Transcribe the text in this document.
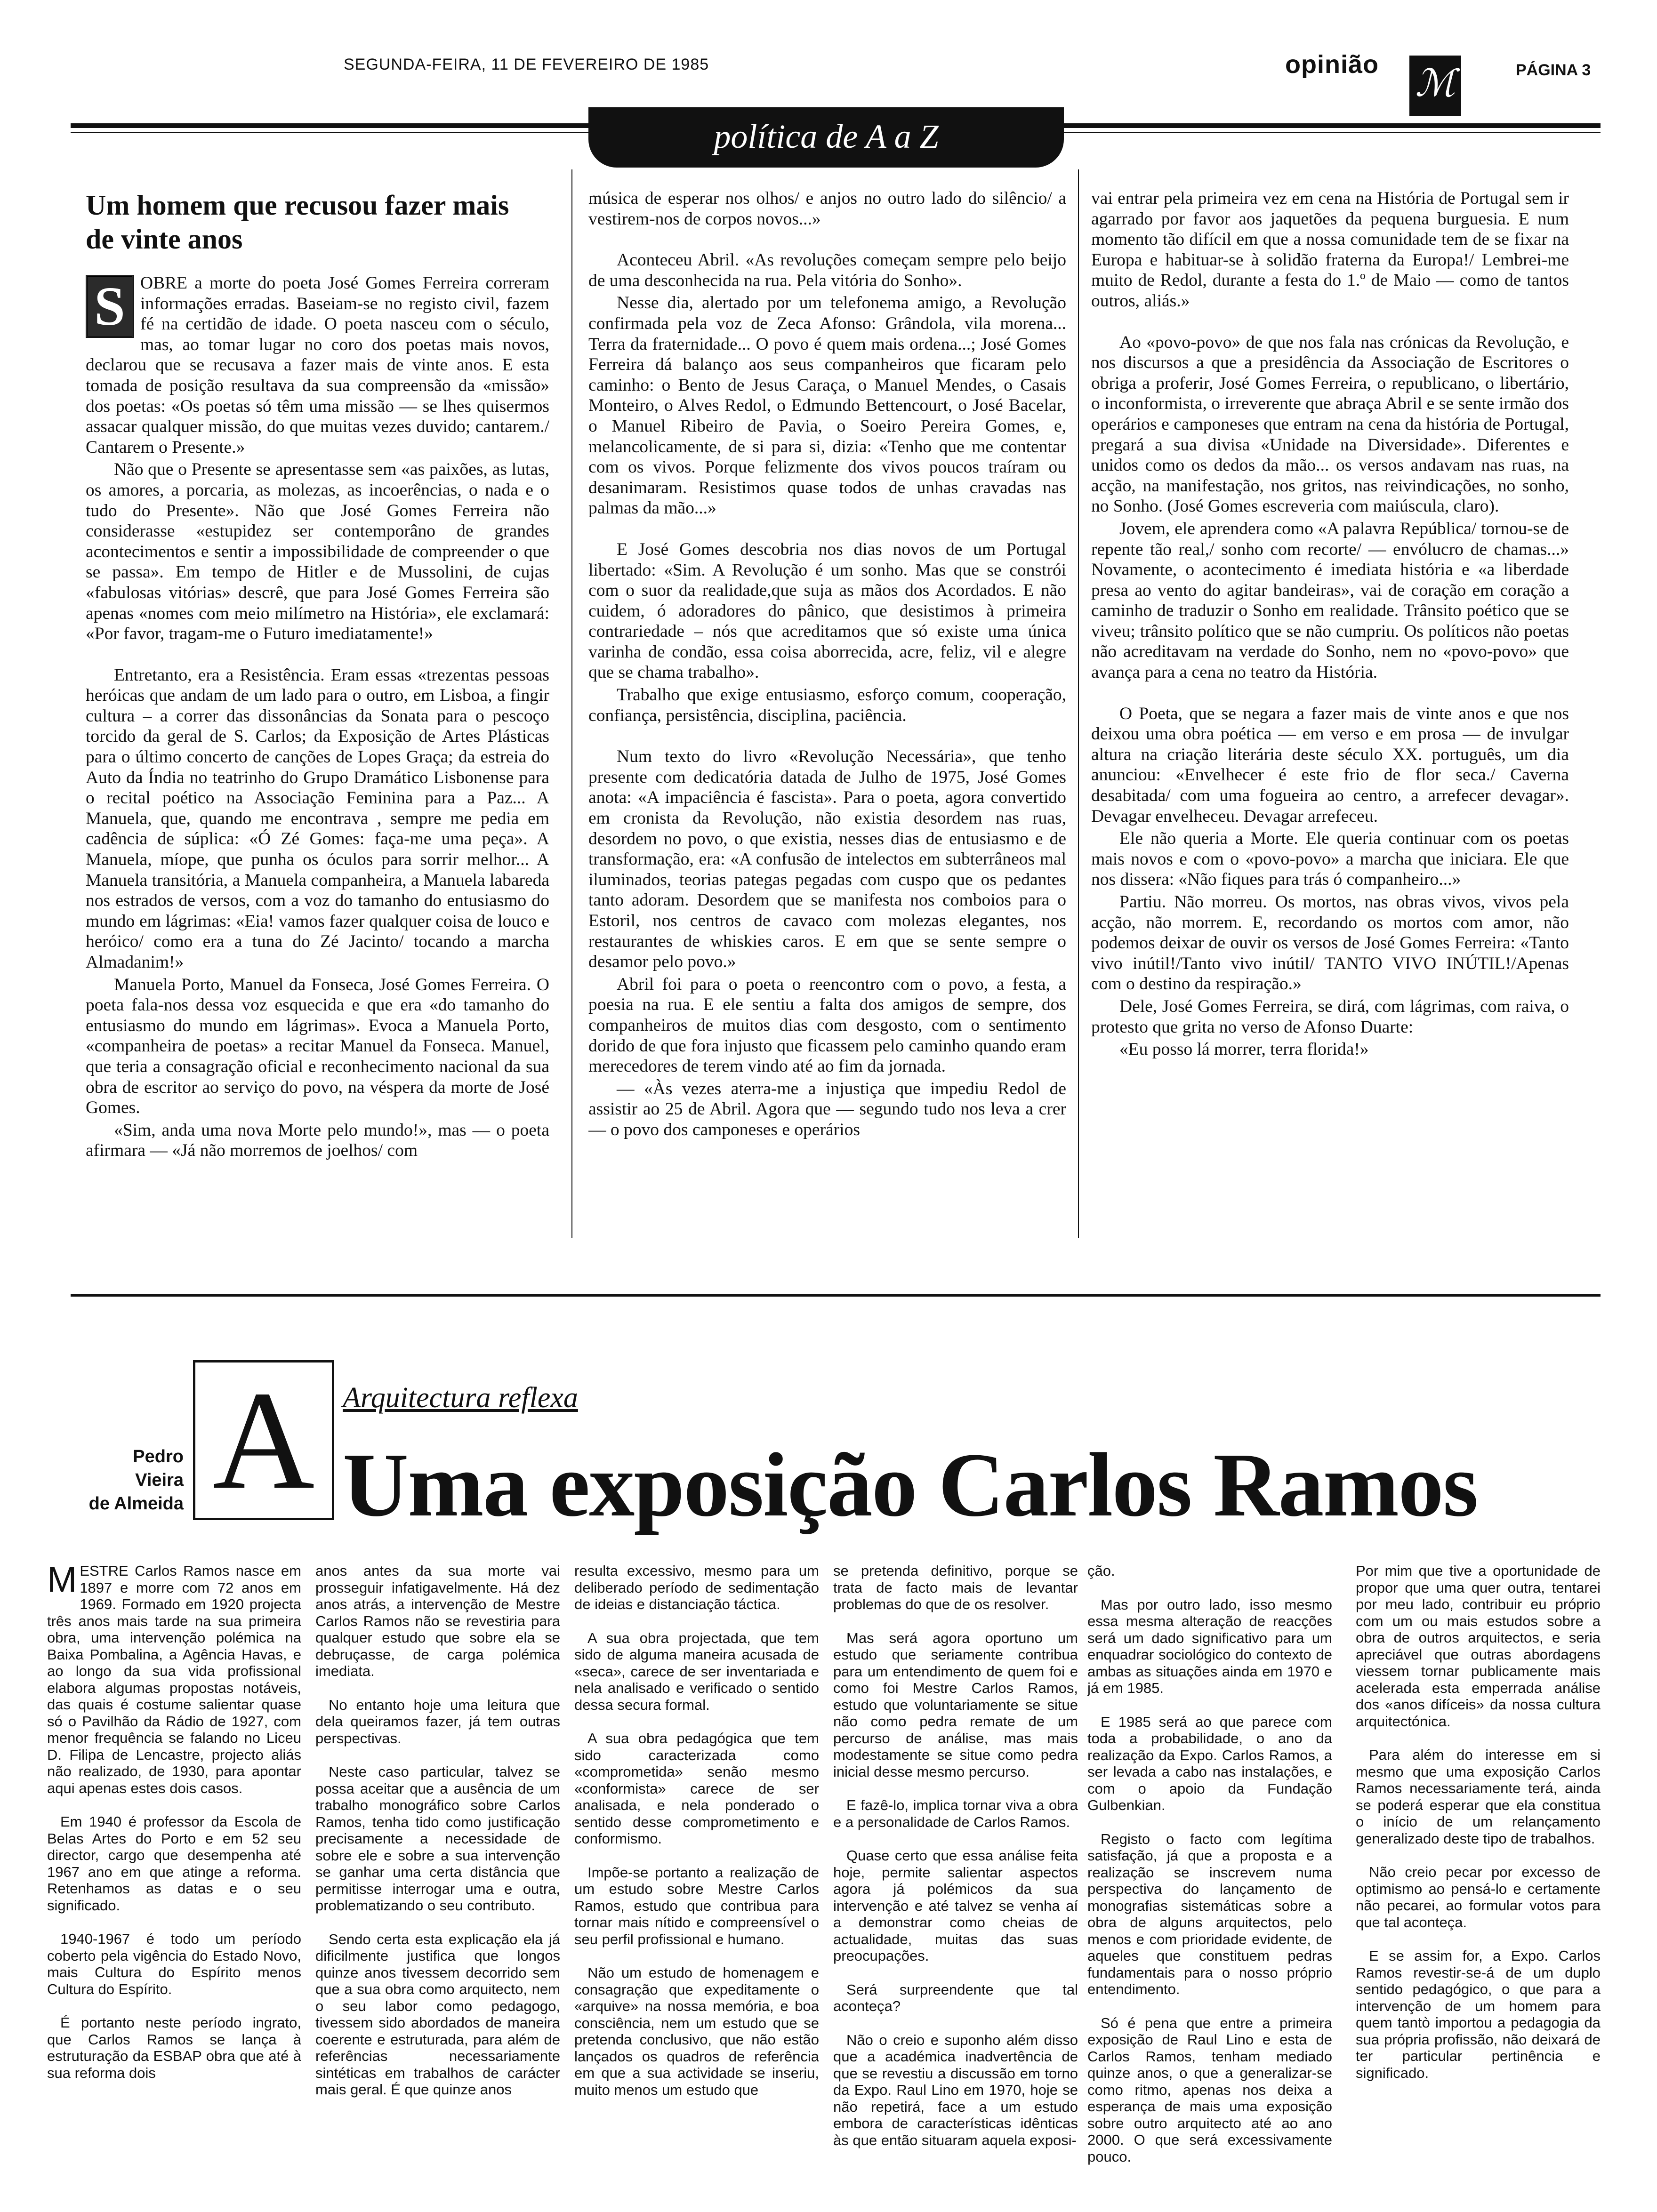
SEGUNDA-FEIRA, 11 DE FEVEREIRO DE 1985	opinião ℳ	PÁGINA 3
política de A a Z
Um homem que recusou fazer mais de vinte anos

S OBRE a morte do poeta José Gomes Ferreira correram informações erradas. Baseiam-se no registo civil, fazem fé na certidão de idade. O poeta nasceu com o século, mas, ao tomar lugar no coro dos poetas mais novos, declarou que se recusava a fazer mais de vinte anos. E esta tomada de posição resultava da sua compreensão da «missão» dos poetas: «Os poetas só têm uma missão — se lhes quisermos assacar qualquer missão, do que muitas vezes duvido; cantarem./ Cantarem o Presente.»

Não que o Presente se apresentasse sem «as paixões, as lutas, os amores, a porcaria, as molezas, as incoerências, o nada e o tudo do Presente». Não que José Gomes Ferreira não considerasse «estupidez ser contemporâno de grandes acontecimentos e sentir a impossibilidade de compreender o que se passa». Em tempo de Hitler e de Mussolini, de cujas «fabulosas vitórias» descrê, que para José Gomes Ferreira são apenas «nomes com meio milímetro na História», ele exclamará: «Por favor, tragam-me o Futuro imediatamente!»

Entretanto, era a Resistência. Eram essas «trezentas pessoas heróicas que andam de um lado para o outro, em Lisboa, a fingir cultura – a correr das dissonâncias da Sonata para o pescoço torcido da geral de S. Carlos; da Exposição de Artes Plásticas para o último concerto de canções de Lopes Graça; da estreia do Auto da Índia no teatrinho do Grupo Dramático Lisbonense para o recital poético na Associação Feminina para a Paz... A Manuela, que, quando me encontrava , sempre me pedia em cadência de súplica: «Ó Zé Gomes: faça-me uma peça». A Manuela, míope, que punha os óculos para sorrir melhor... A Manuela transitória, a Manuela companheira, a Manuela labareda nos estrados de versos, com a voz do tamanho do entusiasmo do mundo em lágrimas: «Eia! vamos fazer qualquer coisa de louco e heróico/ como era a tuna do Zé Jacinto/ tocando a marcha Almadanim!»

Manuela Porto, Manuel da Fonseca, José Gomes Ferreira. O poeta fala-nos dessa voz esquecida e que era «do tamanho do entusiasmo do mundo em lágrimas». Evoca a Manuela Porto, «companheira de poetas» a recitar Manuel da Fonseca. Manuel, que teria a consagração oficial e reconhecimento nacional da sua obra de escritor ao serviço do povo, na véspera da morte de José Gomes.

«Sim, anda uma nova Morte pelo mundo!», mas — o poeta afirmara — «Já não morremos de joelhos/ com

música de esperar nos olhos/ e anjos no outro lado do silêncio/ a vestirem-nos de corpos novos...»

Aconteceu Abril. «As revoluções começam sempre pelo beijo de uma desconhecida na rua. Pela vitória do Sonho».

Nesse dia, alertado por um telefonema amigo, a Revolução confirmada pela voz de Zeca Afonso: Grândola, vila morena... Terra da fraternidade... O povo é quem mais ordena...; José Gomes Ferreira dá balanço aos seus companheiros que ficaram pelo caminho: o Bento de Jesus Caraça, o Manuel Mendes, o Casais Monteiro, o Alves Redol, o Edmundo Bettencourt, o José Bacelar, o Manuel Ribeiro de Pavia, o Soeiro Pereira Gomes, e, melancolicamente, de si para si, dizia: «Tenho que me contentar com os vivos. Porque felizmente dos vivos poucos traíram ou desanimaram. Resistimos quase todos de unhas cravadas nas palmas da mão...»

E José Gomes descobria nos dias novos de um Portugal libertado: «Sim. A Revolução é um sonho. Mas que se constrói com o suor da realidade,que suja as mãos dos Acordados. E não cuidem, ó adoradores do pânico, que desistimos à primeira contrariedade – nós que acreditamos que só existe uma única varinha de condão, essa coisa aborrecida, acre, feliz, vil e alegre que se chama trabalho».

Trabalho que exige entusiasmo, esforço comum, cooperação, confiança, persistência, disciplina, paciência.

Num texto do livro «Revolução Necessária», que tenho presente com dedicatória datada de Julho de 1975, José Gomes anota: «A impaciência é fascista». Para o poeta, agora convertido em cronista da Revolução, não existia desordem nas ruas, desordem no povo, o que existia, nesses dias de entusiasmo e de transformação, era: «A confusão de intelectos em subterrâneos mal iluminados, teorias pategas pegadas com cuspo que os pedantes tanto adoram. Desordem que se manifesta nos comboios para o Estoril, nos centros de cavaco com molezas elegantes, nos restaurantes de whiskies caros. E em que se sente sempre o desamor pelo povo.»

Abril foi para o poeta o reencontro com o povo, a festa, a poesia na rua. E ele sentiu a falta dos amigos de sempre, dos companheiros de muitos dias com desgosto, com o sentimento dorido de que fora injusto que ficassem pelo caminho quando eram merecedores de terem vindo até ao fim da jornada.

— «Às vezes aterra-me a injustiça que impediu Redol de assistir ao 25 de Abril. Agora que — segundo tudo nos leva a crer — o povo dos camponeses e operários

vai entrar pela primeira vez em cena na História de Portugal sem ir agarrado por favor aos jaquetões da pequena burguesia. E num momento tão difícil em que a nossa comunidade tem de se fixar na Europa e habituar-se à solidão fraterna da Europa!/ Lembrei-me muito de Redol, durante a festa do 1.º de Maio — como de tantos outros, aliás.»

Ao «povo-povo» de que nos fala nas crónicas da Revolução, e nos discursos a que a presidência da Associação de Escritores o obriga a proferir, José Gomes Ferreira, o republicano, o libertário, o inconformista, o irreverente que abraça Abril e se sente irmão dos operários e camponeses que entram na cena da história de Portugal, pregará a sua divisa «Unidade na Diversidade». Diferentes e unidos como os dedos da mão... os versos andavam nas ruas, na acção, na manifestação, nos gritos, nas reivindicações, no sonho, no Sonho. (José Gomes escreveria com maiúscula, claro).

Jovem, ele aprendera como «A palavra República/ tornou-se de repente tão real,/ sonho com recorte/ — envólucro de chamas...» Novamente, o acontecimento é imediata história e «a liberdade presa ao vento do agitar bandeiras», vai de coração em coração a caminho de traduzir o Sonho em realidade. Trânsito poético que se viveu; trânsito político que se não cumpriu. Os políticos não poetas não acreditavam na verdade do Sonho, nem no «povo-povo» que avança para a cena no teatro da História.

O Poeta, que se negara a fazer mais de vinte anos e que nos deixou uma obra poética — em verso e em prosa — de invulgar altura na criação literária deste século XX. português, um dia anunciou: «Envelhecer é este frio de flor seca./ Caverna desabitada/ com uma fogueira ao centro, a arrefecer devagar». Devagar envelheceu. Devagar arrefeceu.

Ele não queria a Morte. Ele queria continuar com os poetas mais novos e com o «povo-povo» a marcha que iniciara. Ele que nos dissera: «Não fiques para trás ó companheiro...»

Partiu. Não morreu. Os mortos, nas obras vivos, vivos pela acção, não morrem. E, recordando os mortos com amor, não podemos deixar de ouvir os versos de José Gomes Ferreira: «Tanto vivo inútil!/Tanto vivo inútil/ TANTO VIVO INÚTIL!/Apenas com o destino da respiração.»

Dele, José Gomes Ferreira, se dirá, com lágrimas, com raiva, o protesto que grita no verso de Afonso Duarte:

«Eu posso lá morrer, terra florida!»

A
Pedro
Vieira
de Almeida
Arquitectura reflexa
Uma exposição Carlos Ramos

MESTRE Carlos Ramos nasce em 1897 e morre com 72 anos em 1969. Formado em 1920 projecta três anos mais tarde na sua primeira obra, uma intervenção polémica na Baixa Pombalina, a Agência Havas, e ao longo da sua vida profissional elabora algumas propostas notáveis, das quais é costume salientar quase só o Pavilhão da Rádio de 1927, com menor frequência se falando no Liceu D. Filipa de Lencastre, projecto aliás não realizado, de 1930, para apontar aqui apenas estes dois casos.

Em 1940 é professor da Escola de Belas Artes do Porto e em 52 seu director, cargo que desempenha até 1967 ano em que atinge a reforma. Retenhamos as datas e o seu significado.

1940-1967 é todo um período coberto pela vigência do Estado Novo, mais Cultura do Espírito menos Cultura do Espírito.

É portanto neste período ingrato, que Carlos Ramos se lança à estruturação da ESBAP obra que até à sua reforma dois

anos antes da sua morte vai prosseguir infatigavelmente. Há dez anos atrás, a intervenção de Mestre Carlos Ramos não se revestiria para qualquer estudo que sobre ela se debruçasse, de carga polémica imediata.

No entanto hoje uma leitura que dela queiramos fazer, já tem outras perspectivas.

Neste caso particular, talvez se possa aceitar que a ausência de um trabalho monográfico sobre Carlos Ramos, tenha tido como justificação precisamente a necessidade de sobre ele e sobre a sua intervenção se ganhar uma certa distância que permitisse interrogar uma e outra, problematizando o seu contributo.

Sendo certa esta explicação ela já dificilmente justifica que longos quinze anos tivessem decorrido sem que a sua obra como arquitecto, nem o seu labor como pedagogo, tivessem sido abordados de maneira coerente e estruturada, para além de referências necessariamente sintéticas em trabalhos de carácter mais geral. É que quinze anos

resulta excessivo, mesmo para um deliberado período de sedimentação de ideias e distanciação táctica.

A sua obra projectada, que tem sido de alguma maneira acusada de «seca», carece de ser inventariada e nela analisado e verificado o sentido dessa secura formal.

A sua obra pedagógica que tem sido caracterizada como «comprometida» senão mesmo «conformista» carece de ser analisada, e nela ponderado o sentido desse comprometimento e conformismo.

Impõe-se portanto a realização de um estudo sobre Mestre Carlos Ramos, estudo que contribua para tornar mais nítido e compreensível o seu perfil profissional e humano.

Não um estudo de homenagem e consagração que expeditamente o «arquive» na nossa memória, e boa consciência, nem um estudo que se pretenda conclusivo, que não estão lançados os quadros de referência em que a sua actividade se inseriu, muito menos um estudo que

se pretenda definitivo, porque se trata de facto mais de levantar problemas do que de os resolver.

Mas será agora oportuno um estudo que seriamente contribua para um entendimento de quem foi e como foi Mestre Carlos Ramos, estudo que voluntariamente se situe não como pedra remate de um percurso de análise, mas mais modestamente se situe como pedra inicial desse mesmo percurso.

E fazê-lo, implica tornar viva a obra e a personalidade de Carlos Ramos.

Quase certo que essa análise feita hoje, permite salientar aspectos agora já polémicos da sua intervenção e até talvez se venha aí a demonstrar como cheias de actualidade, muitas das suas preocupações.

Será surpreendente que tal aconteça?

Não o creio e suponho além disso que a académica inadvertência de que se revestiu a discussão em torno da Expo. Raul Lino em 1970, hoje se não repetirá, face a um estudo embora de características idênticas às que então situaram aquela exposi-

ção.

Mas por outro lado, isso mesmo essa mesma alteração de reacções será um dado significativo para um enquadrar sociológico do contexto de ambas as situações ainda em 1970 e já em 1985.

E 1985 será ao que parece com toda a probabilidade, o ano da realização da Expo. Carlos Ramos, a ser levada a cabo nas instalações, e com o apoio da Fundação Gulbenkian.

Registo o facto com legítima satisfação, já que a proposta e a realização se inscrevem numa perspectiva do lançamento de monografias sistemáticas sobre a obra de alguns arquitectos, pelo menos e com prioridade evidente, de aqueles que constituem pedras fundamentais para o nosso próprio entendimento.

Só é pena que entre a primeira exposição de Raul Lino e esta de Carlos Ramos, tenham mediado quinze anos, o que a generalizar-se como ritmo, apenas nos deixa a esperança de mais uma exposição sobre outro arquitecto até ao ano 2000. O que será excessivamente pouco.

Por mim que tive a oportunidade de propor que uma quer outra, tentarei por meu lado, contribuir eu próprio com um ou mais estudos sobre a obra de outros arquitectos, e seria apreciável que outras abordagens viessem tornar publicamente mais acelerada esta emperrada análise dos «anos difíceis» da nossa cultura arquitectónica.

Para além do interesse em si mesmo que uma exposição Carlos Ramos necessariamente terá, ainda se poderá esperar que ela constitua o início de um relançamento generalizado deste tipo de trabalhos.

Não creio pecar por excesso de optimismo ao pensá-lo e certamente não pecarei, ao formular votos para que tal aconteça.

E se assim for, a Expo. Carlos Ramos revestir-se-á de um duplo sentido pedagógico, o que para a intervenção de um homem para quem tantò importou a pedagogia da sua própria profissão, não deixará de ter particular pertinência e significado.
